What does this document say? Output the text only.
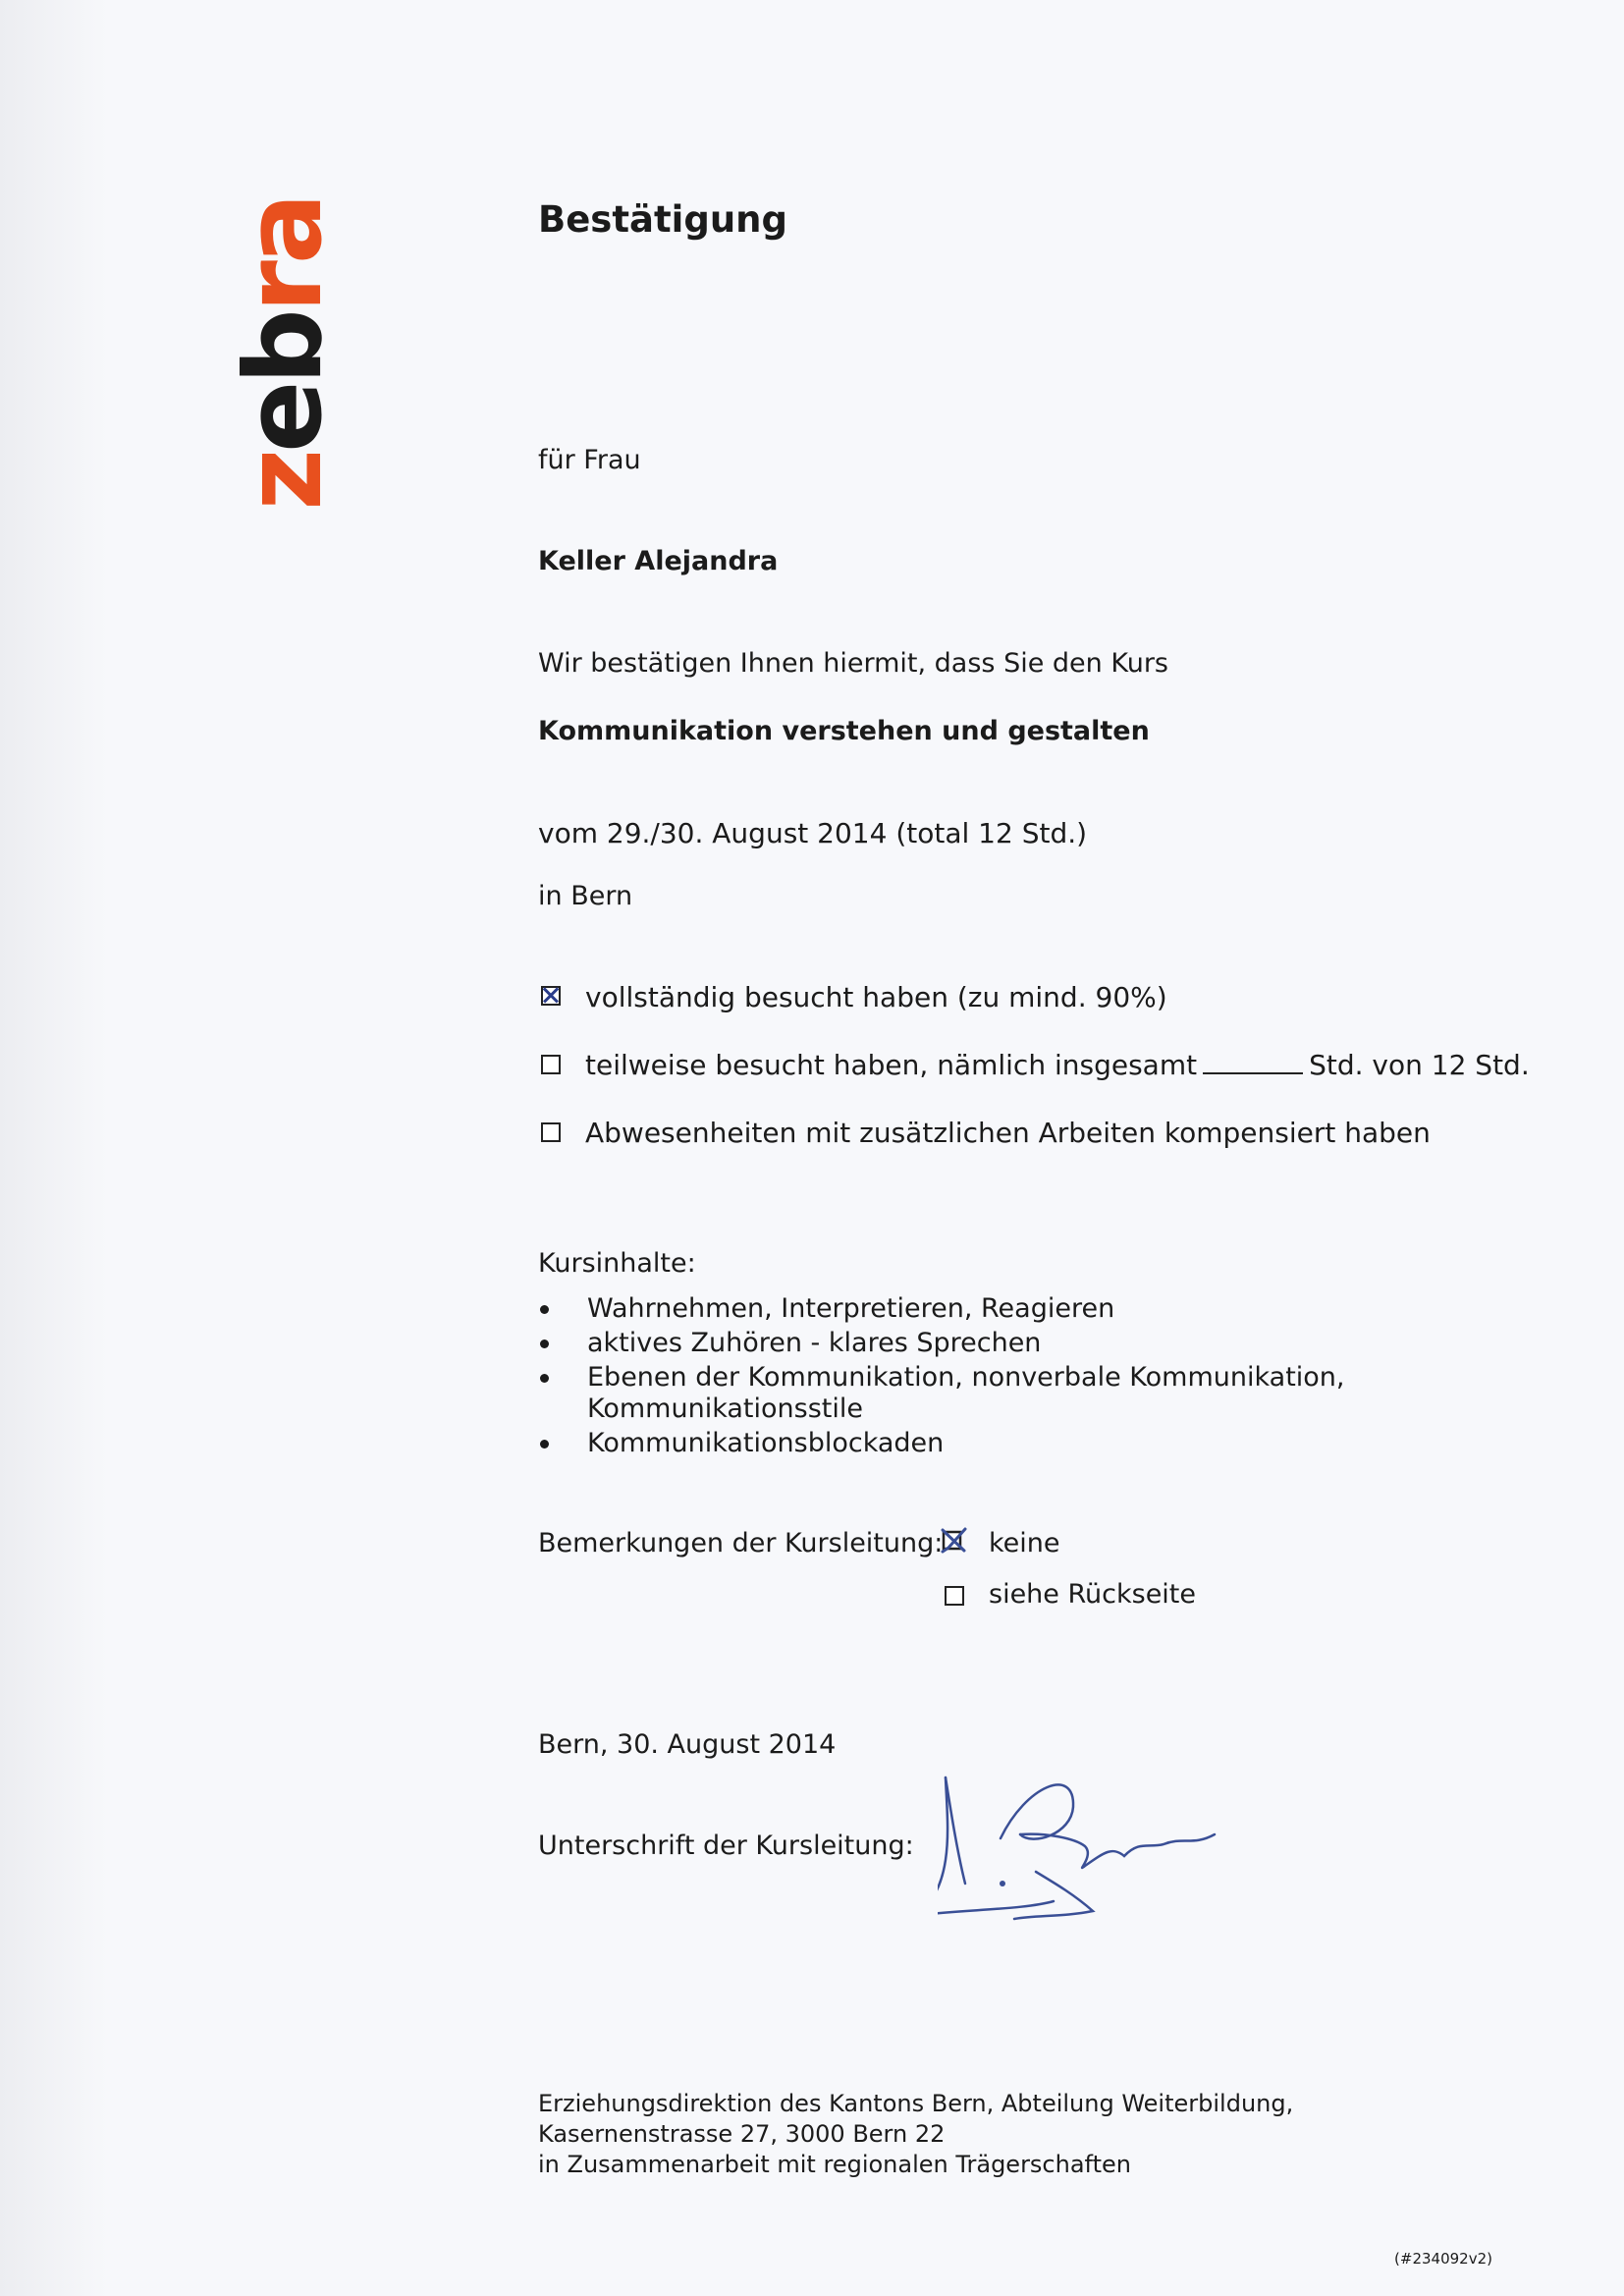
zebra	Bestätigung
für Frau
Keller Alejandra
Wir bestätigen Ihnen hiermit, dass Sie den Kurs
Kommunikation verstehen und gestalten
vom 29./30. August 2014 (total 12 Std.)
in Bern
vollständig besucht haben (zu mind. 90%)
teilweise besucht haben, nämlich insgesamt	Std. von 12 Std.
Abwesenheiten mit zusätzlichen Arbeiten kompensiert haben
Kursinhalte:
Wahrnehmen, Interpretieren, Reagieren
aktives Zuhören - klares Sprechen
Ebenen der Kommunikation, nonverbale Kommunikation,
Kommunikationsstile
Kommunikationsblockaden
Bemerkungen der Kursleitung: keine
siehe Rückseite
Bern, 30. August 2014
Unterschrift der Kursleitung:
Erziehungsdirektion des Kantons Bern, Abteilung Weiterbildung,
Kasernenstrasse 27, 3000 Bern 22
in Zusammenarbeit mit regionalen Trägerschaften
(#234092v2)
